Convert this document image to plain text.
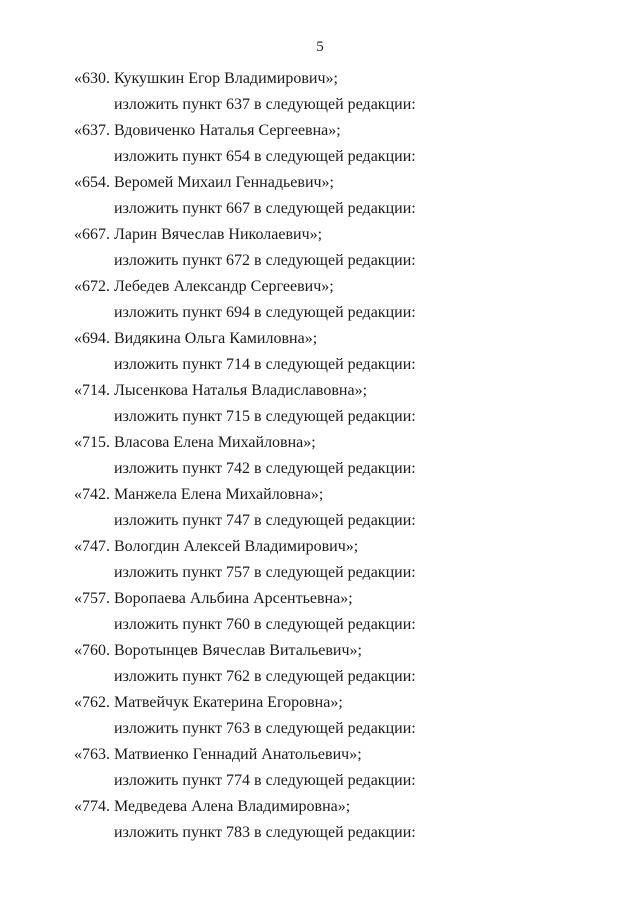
5
«630. Кукушкин Егор Владимирович»;
изложить пункт 637 в следующей редакции:
«637. Вдовиченко Наталья Сергеевна»;
изложить пункт 654 в следующей редакции:
«654. Веромей Михаил Геннадьевич»;
изложить пункт 667 в следующей редакции:
«667. Ларин Вячеслав Николаевич»;
изложить пункт 672 в следующей редакции:
«672. Лебедев Александр Сергеевич»;
изложить пункт 694 в следующей редакции:
«694. Видякина Ольга Камиловна»;
изложить пункт 714 в следующей редакции:
«714. Лысенкова Наталья Владиславовна»;
изложить пункт 715 в следующей редакции:
«715. Власова Елена Михайловна»;
изложить пункт 742 в следующей редакции:
«742. Манжела Елена Михайловна»;
изложить пункт 747 в следующей редакции:
«747. Вологдин Алексей Владимирович»;
изложить пункт 757 в следующей редакции:
«757. Воропаева Альбина Арсентьевна»;
изложить пункт 760 в следующей редакции:
«760. Воротынцев Вячеслав Витальевич»;
изложить пункт 762 в следующей редакции:
«762. Матвейчук Екатерина Егоровна»;
изложить пункт 763 в следующей редакции:
«763. Матвиенко Геннадий Анатольевич»;
изложить пункт 774 в следующей редакции:
«774. Медведева Алена Владимировна»;
изложить пункт 783 в следующей редакции:
